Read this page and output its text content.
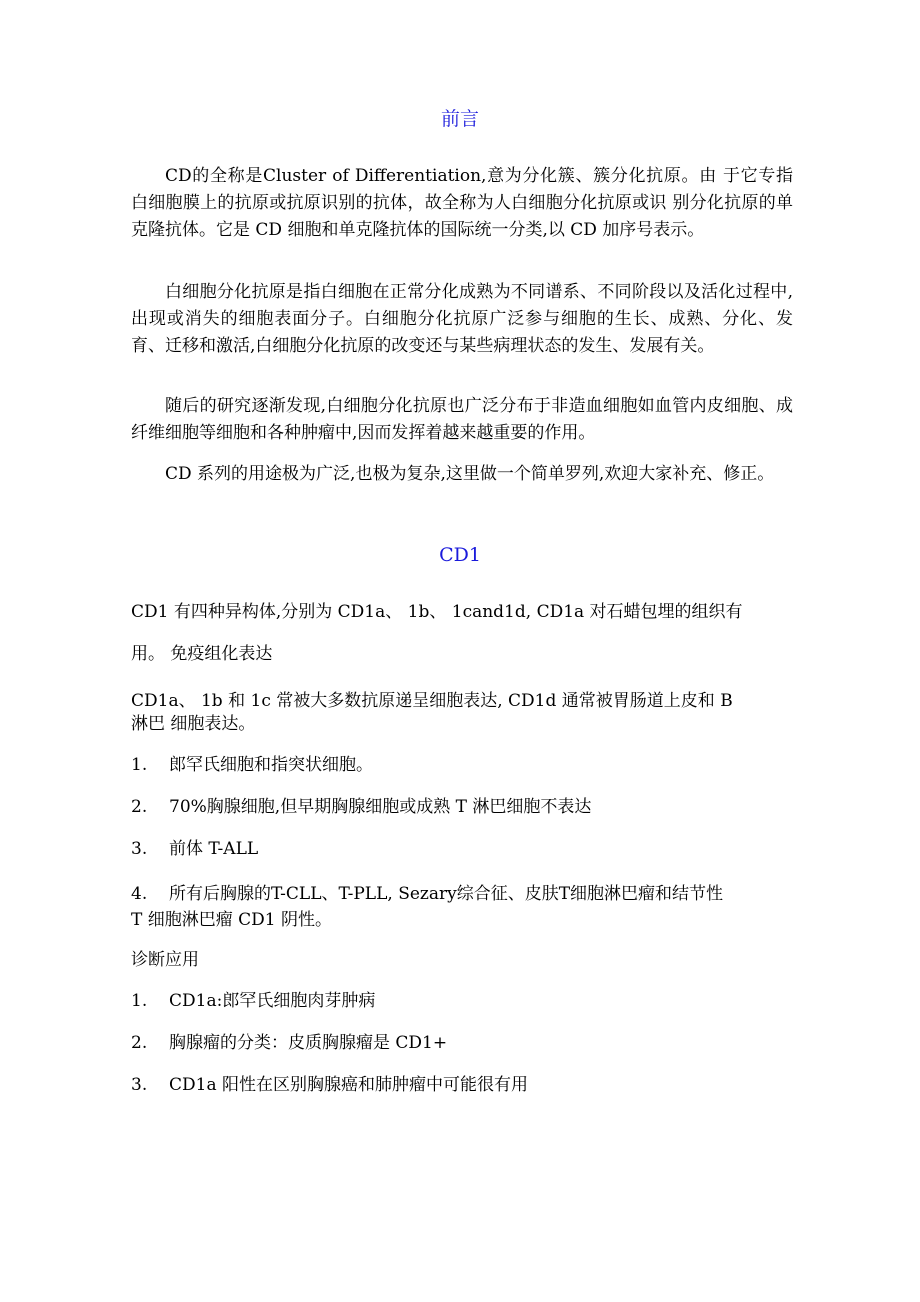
前言
CD的全称是Cluster of Differentiation,意为分化簇、簇分化抗原。由 于它专指白细胞膜上的抗原或抗原识别的抗体，故全称为人白细胞分化抗原或识 别分化抗原的单克隆抗体。它是 CD 细胞和单克隆抗体的国际统一分类,以 CD 加序号表示。
白细胞分化抗原是指白细胞在正常分化成熟为不同谱系、不同阶段以及活化过程中,出现或消失的细胞表面分子。白细胞分化抗原广泛参与细胞的生长、成熟、分化、发育、迁移和激活,白细胞分化抗原的改变还与某些病理状态的发生、发展有关。
随后的研究逐渐发现,白细胞分化抗原也广泛分布于非造血细胞如血管内皮细胞、成纤维细胞等细胞和各种肿瘤中,因而发挥着越来越重要的作用。
CD 系列的用途极为广泛,也极为复杂,这里做一个简单罗列,欢迎大家补充、修正。
CD1
CD1 有四种异构体,分别为 CD1a、 1b、 1cand1d, CD1a 对石蜡包埋的组织有
用。 免疫组化表达
CD1a、 1b 和 1c 常被大多数抗原递呈细胞表达, CD1d 通常被胃肠道上皮和 B
淋巴 细胞表达。
1. 郎罕氏细胞和指突状细胞。
2. 70%胸腺细胞,但早期胸腺细胞或成熟 T 淋巴细胞不表达
3. 前体 T-ALL
4. 所有后胸腺的T-CLL、T-PLL, Sezary综合征、皮肤T细胞淋巴瘤和结节性
T 细胞淋巴瘤 CD1 阴性。
诊断应用
1. CD1a:郎罕氏细胞肉芽肿病
2. 胸腺瘤的分类：皮质胸腺瘤是 CD1+
3. CD1a 阳性在区别胸腺癌和肺肿瘤中可能很有用
